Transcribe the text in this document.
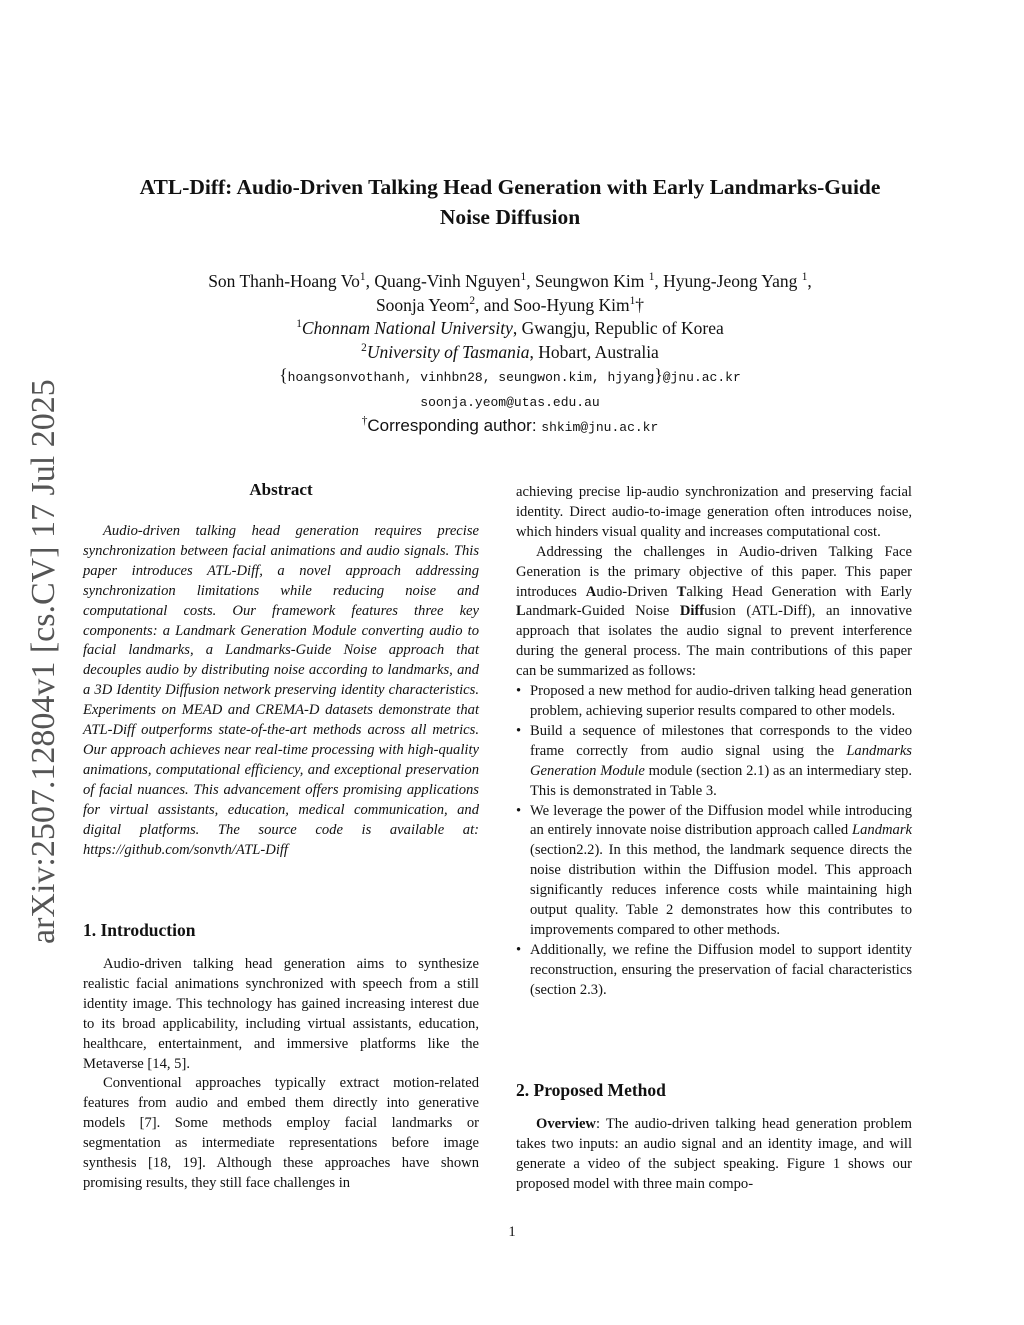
arXiv:2507.12804v1 [cs.CV] 17 Jul 2025
ATL-Diff: Audio-Driven Talking Head Generation with Early Landmarks-Guide
Noise Diffusion
Son Thanh-Hoang Vo$^1$, Quang-Vinh Nguyen$^1$, Seungwon Kim $^1$, Hyung-Jeong Yang $^1$,
Soonja Yeom$^2$, and Soo-Hyung Kim$^1$†
$^1$Chonnam National University, Gwangju, Republic of Korea
$^2$University of Tasmania, Hobart, Australia
{hoangsonvothanh, vinhbn28, seungwon.kim, hjyang}@jnu.ac.kr
soonja.yeom@utas.edu.au
†Corresponding author: shkim@jnu.ac.kr
Abstract

Audio-driven talking head generation requires precise synchronization between facial animations and audio signals. This paper introduces ATL-Diff, a novel approach addressing synchronization limitations while reducing noise and computational costs. Our framework features three key components: a Landmark Generation Module converting audio to facial landmarks, a Landmarks-Guide Noise approach that decouples audio by distributing noise according to landmarks, and a 3D Identity Diffusion network preserving identity characteristics. Experiments on MEAD and CREMA-D datasets demonstrate that ATL-Diff outperforms state-of-the-art methods across all metrics. Our approach achieves near real-time processing with high-quality animations, computational efficiency, and exceptional preservation of facial nuances. This advancement offers promising applications for virtual assistants, education, medical communication, and digital platforms. The source code is available at: https://github.com/sonvth/ATL-Diff

1. Introduction

Audio-driven talking head generation aims to synthesize realistic facial animations synchronized with speech from a still identity image. This technology has gained increasing interest due to its broad applicability, including virtual assistants, education, healthcare, entertainment, and immersive platforms like the Metaverse [14, 5].

Conventional approaches typically extract motion-related features from audio and embed them directly into generative models [7]. Some methods employ facial landmarks or segmentation as intermediate representations before image synthesis [18, 19]. Although these approaches have shown promising results, they still face challenges in

achieving precise lip-audio synchronization and preserving facial identity. Direct audio-to-image generation often introduces noise, which hinders visual quality and increases computational cost.

Addressing the challenges in Audio-driven Talking Face Generation is the primary objective of this paper. This paper introduces Audio-Driven Talking Head Generation with Early Landmark-Guided Noise Diffusion (ATL-Diff), an innovative approach that isolates the audio signal to prevent interference during the general process. The main contributions of this paper can be summarized as follows:

• Proposed a new method for audio-driven talking head generation problem, achieving superior results compared to other models.
• Build a sequence of milestones that corresponds to the video frame correctly from audio signal using the Landmarks Generation Module module (section 2.1) as an intermediary step. This is demonstrated in Table 3.
• We leverage the power of the Diffusion model while introducing an entirely innovate noise distribution approach called Landmark (section2.2). In this method, the landmark sequence directs the noise distribution within the Diffusion model. This approach significantly reduces inference costs while maintaining high output quality. Table 2 demonstrates how this contributes to improvements compared to other methods.
• Additionally, we refine the Diffusion model to support identity reconstruction, ensuring the preservation of facial characteristics (section 2.3).
2. Proposed Method

Overview: The audio-driven talking head generation problem takes two inputs: an audio signal and an identity image, and will generate a video of the subject speaking. Figure 1 shows our proposed model with three main compo-

1
